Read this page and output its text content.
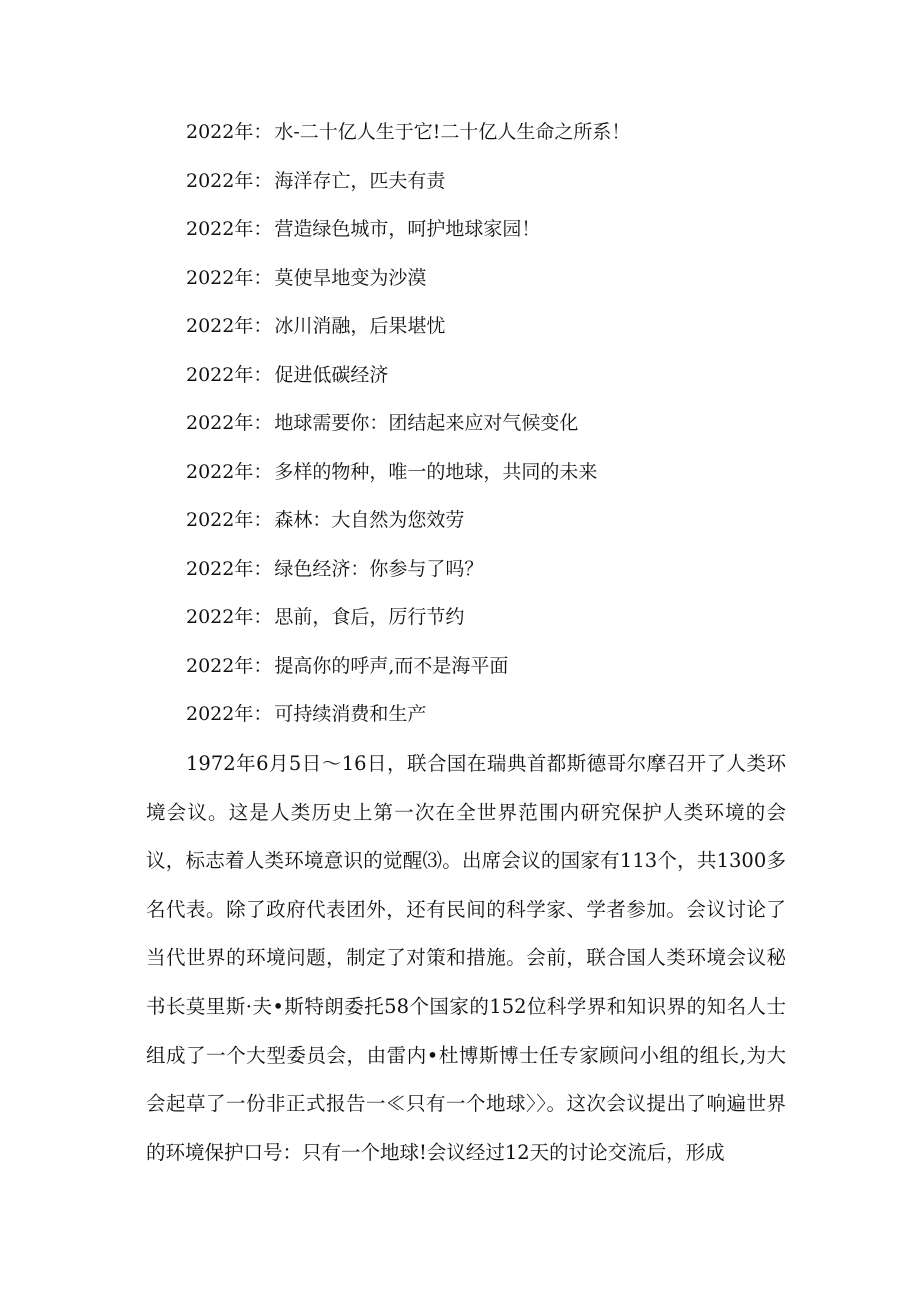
2022年： 水-二十亿人生于它!二十亿人生命之所系！
2022年： 海洋存亡，匹夫有责
2022年： 营造绿色城市，呵护地球家园！
2022年： 莫使旱地变为沙漠
2022年： 冰川消融，后果堪忧
2022年： 促进低碳经济
2022年： 地球需要你：团结起来应对气候变化
2022年： 多样的物种，唯一的地球，共同的未来
2022年： 森林：大自然为您效劳
2022年： 绿色经济：你参与了吗？
2022年： 思前，食后，厉行节约
2022年： 提高你的呼声,而不是海平面
2022年： 可持续消费和生产

1972年6月5日～16日，联合国在瑞典首都斯德哥尔摩召开了人类环境会议。这是人类历史上第一次在全世界范围内研究保护人类环境的会议，标志着人类环境意识的觉醒⑶。出席会议的国家有113个，共1300多名代表。除了政府代表团外，还有民间的科学家、学者参加。会议讨论了当代世界的环境问题，制定了对策和措施。会前，联合国人类环境会议秘书长莫里斯·夫•斯特朗委托58个国家的152位科学界和知识界的知名人士组成了一个大型委员会，由雷内•杜博斯博士任专家顾问小组的组长,为大会起草了一份非正式报告一≪只有一个地球〉〉。这次会议提出了响遍世界的环境保护口号：只有一个地球!会议经过12天的讨论交流后，形成
